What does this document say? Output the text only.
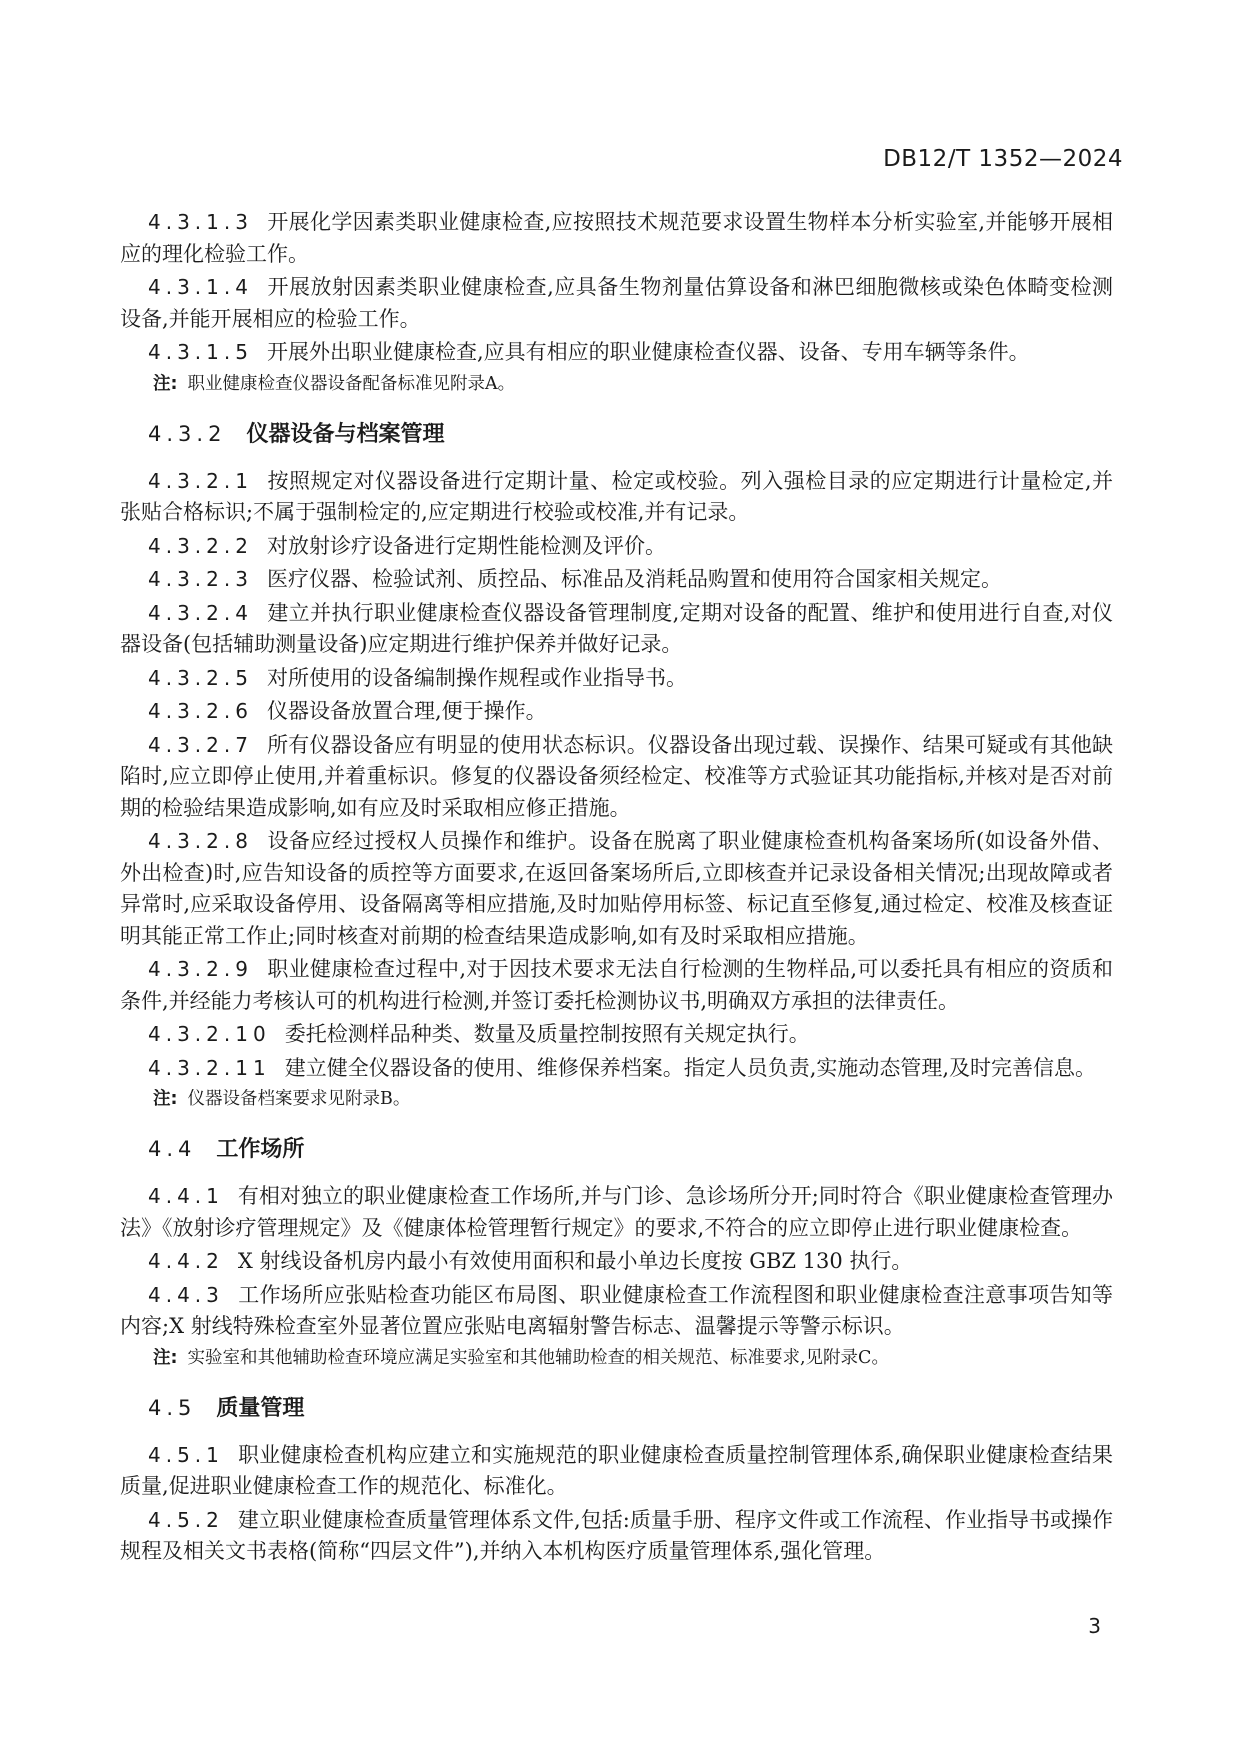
DB12/T 1352—2024

4.3.1.3 开展化学因素类职业健康检查,应按照技术规范要求设置生物样本分析实验室,并能够开展相应的理化检验工作。

4.3.1.4 开展放射因素类职业健康检查,应具备生物剂量估算设备和淋巴细胞微核或染色体畸变检测设备,并能开展相应的检验工作。

4.3.1.5 开展外出职业健康检查,应具有相应的职业健康检查仪器、设备、专用车辆等条件。

注: 职业健康检查仪器设备配备标准见附录A。

4.3.2 仪器设备与档案管理

4.3.2.1 按照规定对仪器设备进行定期计量、检定或校验。列入强检目录的应定期进行计量检定,并张贴合格标识;不属于强制检定的,应定期进行校验或校准,并有记录。

4.3.2.2 对放射诊疗设备进行定期性能检测及评价。

4.3.2.3 医疗仪器、检验试剂、质控品、标准品及消耗品购置和使用符合国家相关规定。

4.3.2.4 建立并执行职业健康检查仪器设备管理制度,定期对设备的配置、维护和使用进行自查,对仪器设备(包括辅助测量设备)应定期进行维护保养并做好记录。

4.3.2.5 对所使用的设备编制操作规程或作业指导书。

4.3.2.6 仪器设备放置合理,便于操作。

4.3.2.7 所有仪器设备应有明显的使用状态标识。仪器设备出现过载、误操作、结果可疑或有其他缺陷时,应立即停止使用,并着重标识。修复的仪器设备须经检定、校准等方式验证其功能指标,并核对是否对前期的检验结果造成影响,如有应及时采取相应修正措施。

4.3.2.8 设备应经过授权人员操作和维护。设备在脱离了职业健康检查机构备案场所(如设备外借、外出检查)时,应告知设备的质控等方面要求,在返回备案场所后,立即核查并记录设备相关情况;出现故障或者异常时,应采取设备停用、设备隔离等相应措施,及时加贴停用标签、标记直至修复,通过检定、校准及核查证明其能正常工作止;同时核查对前期的检查结果造成影响,如有及时采取相应措施。

4.3.2.9 职业健康检查过程中,对于因技术要求无法自行检测的生物样品,可以委托具有相应的资质和条件,并经能力考核认可的机构进行检测,并签订委托检测协议书,明确双方承担的法律责任。

4.3.2.10 委托检测样品种类、数量及质量控制按照有关规定执行。

4.3.2.11 建立健全仪器设备的使用、维修保养档案。指定人员负责,实施动态管理,及时完善信息。

注: 仪器设备档案要求见附录B。

4.4 工作场所

4.4.1 有相对独立的职业健康检查工作场所,并与门诊、急诊场所分开;同时符合《职业健康检查管理办法》《放射诊疗管理规定》及《健康体检管理暂行规定》的要求,不符合的应立即停止进行职业健康检查。

4.4.2 X 射线设备机房内最小有效使用面积和最小单边长度按 GBZ 130 执行。

4.4.3 工作场所应张贴检查功能区布局图、职业健康检查工作流程图和职业健康检查注意事项告知等内容;X 射线特殊检查室外显著位置应张贴电离辐射警告标志、温馨提示等警示标识。

注: 实验室和其他辅助检查环境应满足实验室和其他辅助检查的相关规范、标准要求,见附录C。

4.5 质量管理

4.5.1 职业健康检查机构应建立和实施规范的职业健康检查质量控制管理体系,确保职业健康检查结果质量,促进职业健康检查工作的规范化、标准化。

4.5.2 建立职业健康检查质量管理体系文件,包括:质量手册、程序文件或工作流程、作业指导书或操作规程及相关文书表格(简称“四层文件”),并纳入本机构医疗质量管理体系,强化管理。

3
